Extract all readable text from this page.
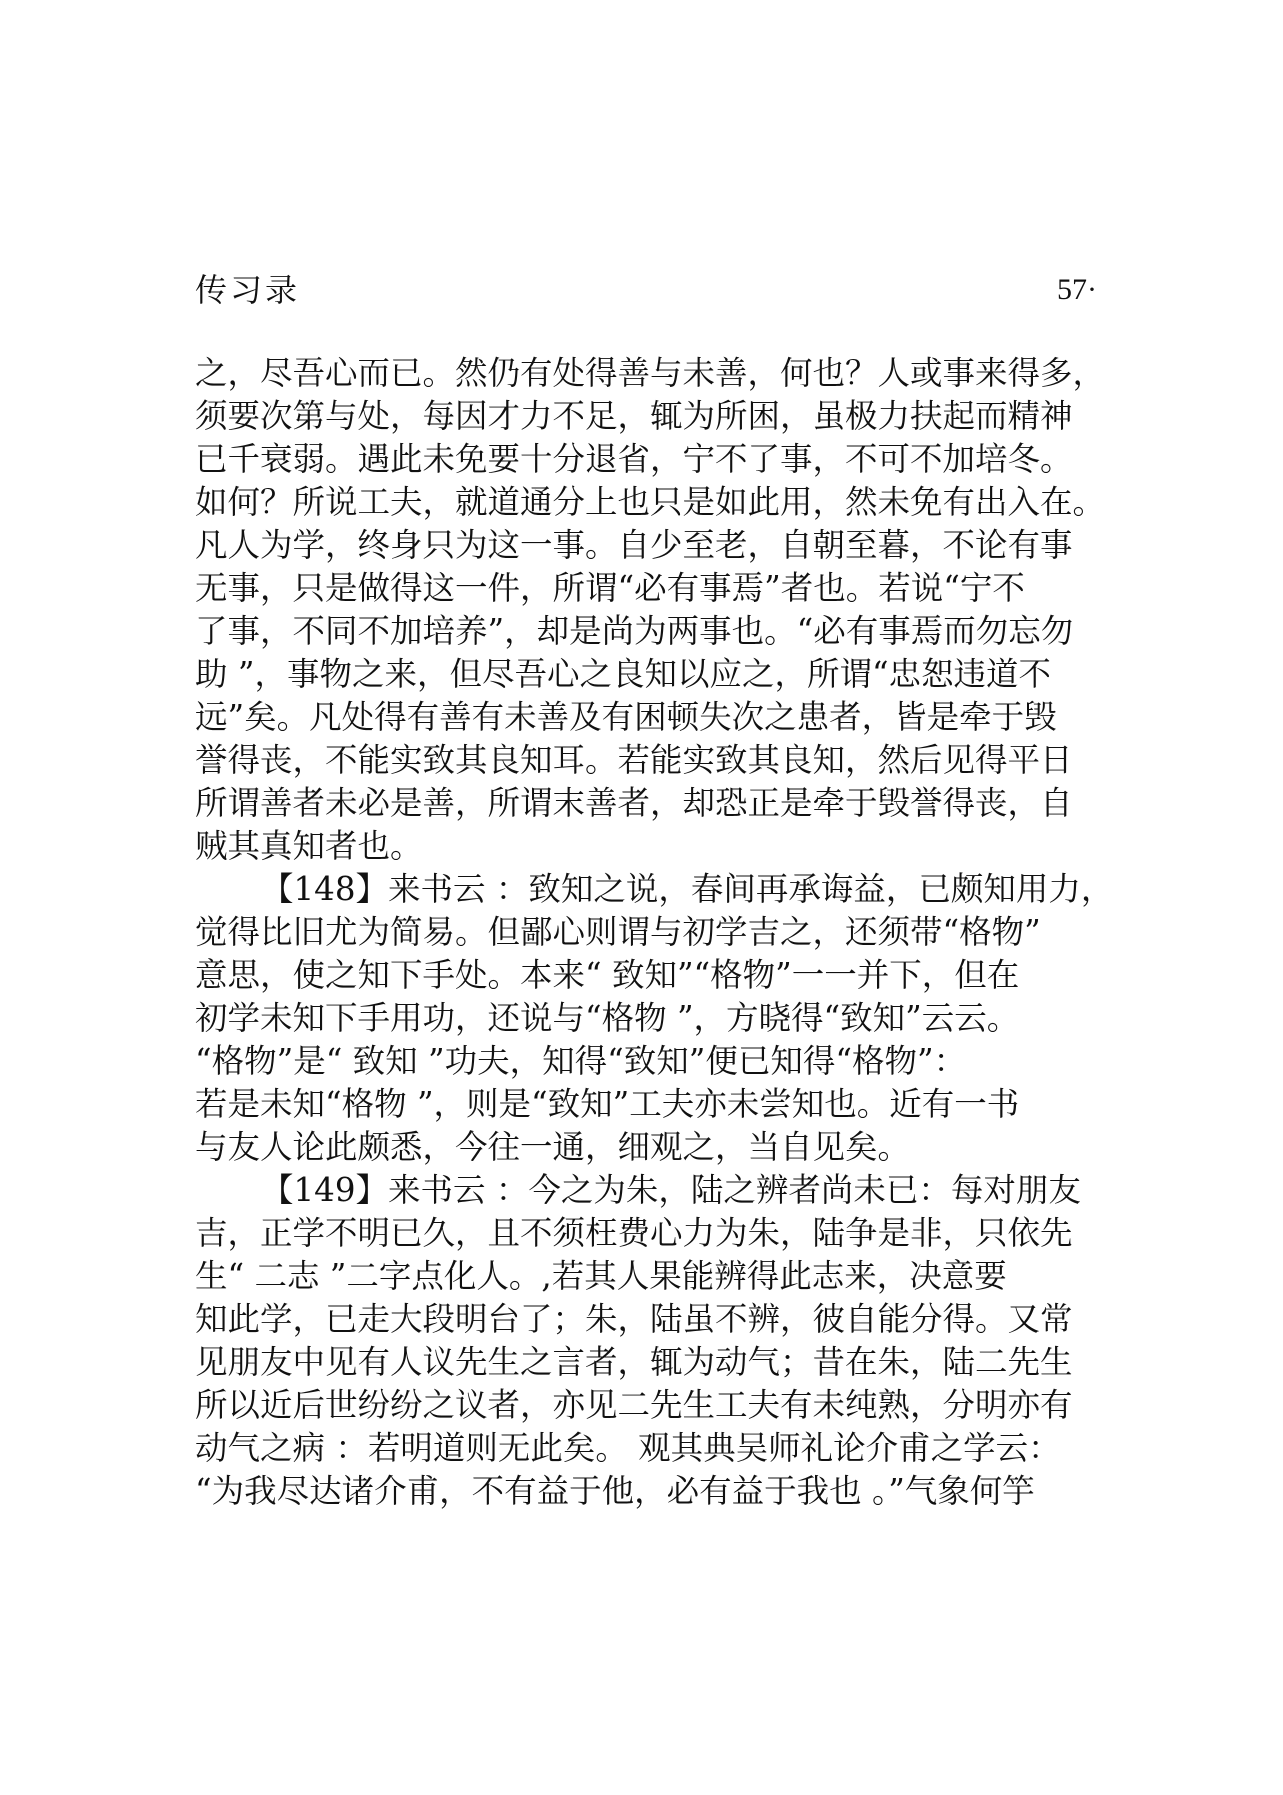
传习录	57·
之，尽吾心而已。然仍有处得善与未善，何也？人或事来得多，
须要次第与处，每因才力不足，辄为所困，虽极力扶起而精神
已千衰弱。遇此未免要十分退省，宁不了事，不可不加培冬。
如何？所说工夫，就道通分上也只是如此用，然未免有出入在。
凡人为学，终身只为这一事。自少至老，自朝至暮，不论有事
无事，只是做得这一件，所谓“必有事焉”者也。若说“宁不
了事，不同不加培养”，却是尚为两事也。“必有事焉而勿忘勿
助 ”，事物之来，但尽吾心之良知以应之，所谓“忠恕违道不
远”矣。凡处得有善有未善及有困顿失次之患者，皆是牵于毁
誉得丧，不能实致其良知耳。若能实致其良知，然后见得平日
所谓善者未必是善，所谓末善者，却恐正是牵于毁誉得丧，自
贼其真知者也。
【148】来书云 ：致知之说，春间再承诲益，已颇知用力，
觉得比旧尤为简易。但鄙心则谓与初学吉之，还须带“格物”
意思，使之知下手处。本来“ 致知”“格物”一一并下，但在
初学未知下手用功，还说与“格物 ”，方晓得“致知”云云。
“格物”是“ 致知 ”功夫，知得“致知”便已知得“格物”：
若是未知“格物 ”，则是“致知”工夫亦未尝知也。近有一书
与友人论此颇悉，今往一通，细观之，当自见矣。
【149】来书云 ：今之为朱，陆之辨者尚未已：每对朋友
吉，正学不明已久，且不须枉费心力为朱，陆争是非，只依先
生“ 二志 ”二字点化人。,若其人果能辨得此志来，决意要
知此学，已走大段明台了；朱，陆虽不辨，彼自能分得。又常
见朋友中见有人议先生之言者，辄为动气；昔在朱，陆二先生
所以近后世纷纷之议者，亦见二先生工夫有未纯熟，分明亦有
动气之病 ：若明道则无此矣。 观其典吴师礼论介甫之学云：
“为我尽达诸介甫，不有益于他，必有益于我也 。”气象何竽
